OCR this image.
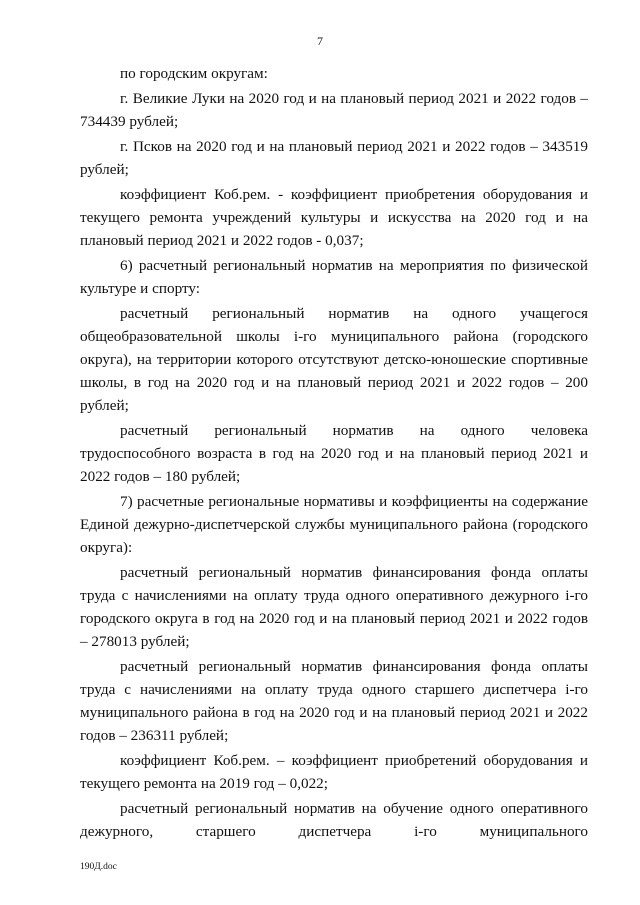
7

по городским округам:

г. Великие Луки на 2020 год и на плановый период 2021 и 2022 годов –734439 рублей;

г. Псков на 2020 год и на плановый период 2021 и 2022 годов – 343519 рублей;

коэффициент Коб.рем. - коэффициент приобретения оборудования и текущего ремонта учреждений культуры и искусства на 2020 год и на плановый период 2021 и 2022 годов - 0,037;

6) расчетный региональный норматив на мероприятия по физической культуре и спорту:

расчетный региональный норматив на одного учащегося общеобразовательной школы i-го муниципального района (городского округа), на территории которого отсутствуют детско-юношеские спортивные школы, в год на 2020 год и на плановый период 2021 и 2022 годов – 200 рублей;

расчетный региональный норматив на одного человека трудоспособного возраста в год на 2020 год и на плановый период 2021 и 2022 годов – 180 рублей;

7) расчетные региональные нормативы и коэффициенты на содержание Единой дежурно-диспетчерской службы муниципального района (городского округа):

расчетный региональный норматив финансирования фонда оплаты труда с начислениями на оплату труда одного оперативного дежурного i-го городского округа в год на 2020 год и на плановый период 2021 и 2022 годов – 278013 рублей;

расчетный региональный норматив финансирования фонда оплаты труда с начислениями на оплату труда одного старшего диспетчера i-го муниципального района в год на 2020 год и на плановый период 2021 и 2022 годов – 236311 рублей;

коэффициент Коб.рем. – коэффициент приобретений оборудования и текущего ремонта на 2019 год – 0,022;

расчетный региональный норматив на обучение одного оперативного дежурного, старшего диспетчера i-го муниципального

190Д.doc
